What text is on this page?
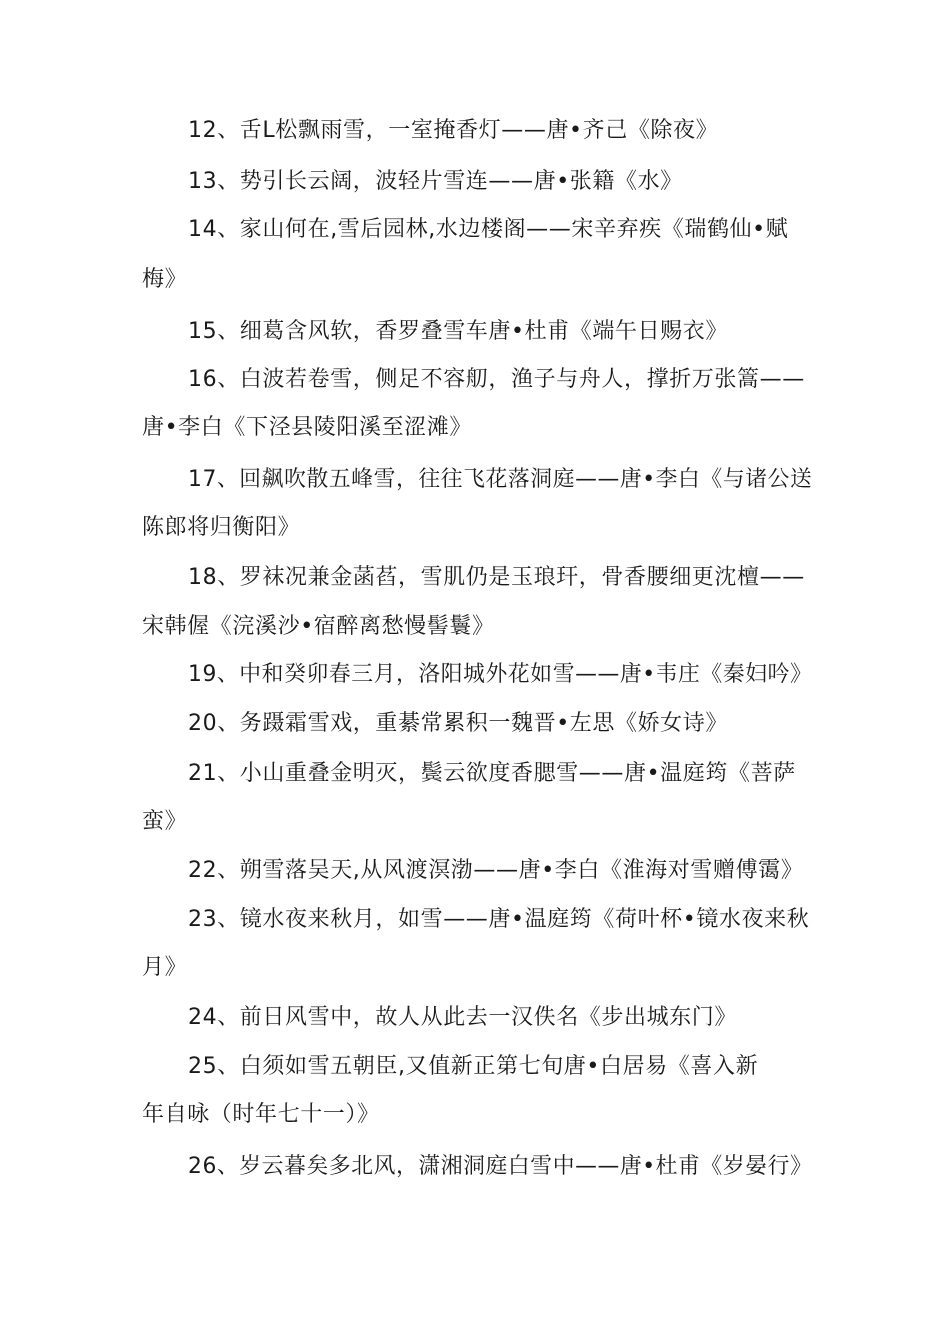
12、舌L松飘雨雪，一室掩香灯——唐•齐己《除夜》
13、势引长云阔，波轻片雪连——唐•张籍《水》
14、家山何在,雪后园林,水边楼阁——宋辛弃疾《瑞鹤仙•赋
梅》
15、细葛含风软，香罗叠雪车唐•杜甫《端午日赐衣》
16、白波若卷雪，侧足不容舠，渔子与舟人，撑折万张篙——
唐•李白《下泾县陵阳溪至涩滩》
17、回飙吹散五峰雪，往往飞花落洞庭——唐•李白《与诸公送
陈郎将归衡阳》
18、罗袜况兼金菡萏，雪肌仍是玉琅玕，骨香腰细更沈檀——
宋韩偓《浣溪沙•宿醉离愁慢髻鬟》
19、中和癸卯春三月，洛阳城外花如雪——唐•韦庄《秦妇吟》
20、务蹑霜雪戏，重綦常累积一魏晋•左思《娇女诗》
21、小山重叠金明灭，鬓云欲度香腮雪——唐•温庭筠《菩萨
蛮》
22、朔雪落吴天,从风渡溟渤——唐•李白《淮海对雪赠傅霭》
23、镜水夜来秋月，如雪——唐•温庭筠《荷叶杯•镜水夜来秋
月》
24、前日风雪中，故人从此去一汉佚名《步出城东门》
25、白须如雪五朝臣,又值新正第七旬唐•白居易《喜入新
年自咏（时年七十一）》
26、岁云暮矣多北风，潇湘洞庭白雪中——唐•杜甫《岁晏行》
